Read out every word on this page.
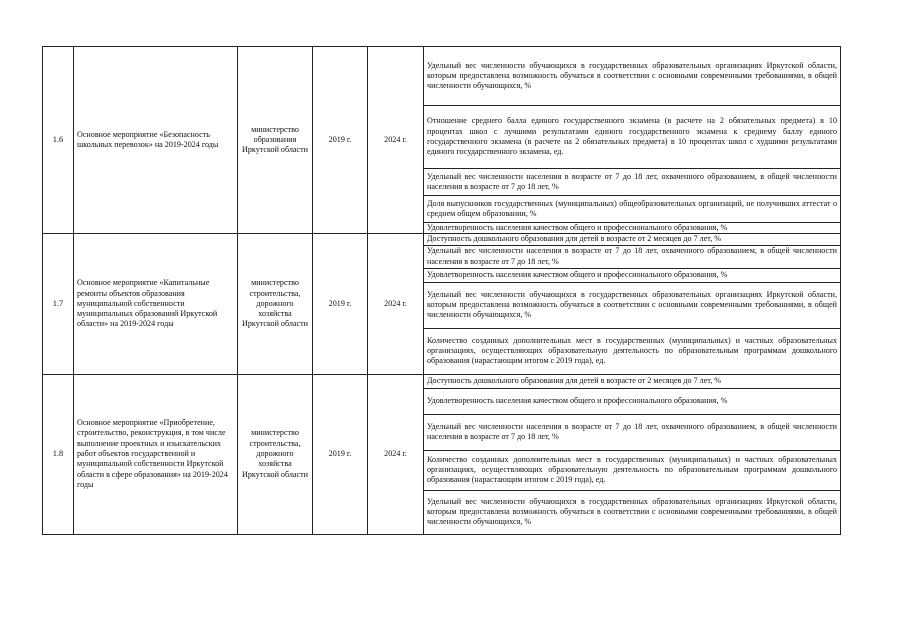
1.6	Основное мероприятие «Безопасность школьных перевозок» на 2019-2024 годы	министерство образования Иркутской области	2019 г.	2024 г.	Удельный вес численности обучающихся в государственных образовательных организациях Иркутской области, которым предоставлена возможность обучаться в соответствии с основными современными требованиями, в общей численности обучающихся, %
					Отношение среднего балла единого государственного экзамена (в расчете на 2 обязательных предмета) в 10 процентах школ с лучшими результатами единого государственного экзамена к среднему баллу единого государственного экзамена (в расчете на 2 обязательных предмета) в 10 процентах школ с худшими результатами единого государственного экзамена, ед.
					Удельный вес численности населения в возрасте от 7 до 18 лет, охваченного образованием, в общей численности населения в возрасте от 7 до 18 лет, %
					Доля выпускников государственных (муниципальных) общеобразовательных организаций, не получивших аттестат о среднем общем образовании, %
					Удовлетворенность населения качеством общего и профессионального образования, %
1.7	Основное мероприятие «Капитальные ремонты объектов образования муниципальной собственности муниципальных образований Иркутской области» на 2019-2024 годы	министерство строительства, дорожного хозяйства Иркутской области	2019 г.	2024 г.	Доступность дошкольного образования для детей в возрасте от 2 месяцев до 7 лет, %
					Удельный вес численности населения в возрасте от 7 до 18 лет, охваченного образованием, в общей численности населения в возрасте от 7 до 18 лет, %
					Удовлетворенность населения качеством общего и профессионального образования, %
					Удельный вес численности обучающихся в государственных образовательных организациях Иркутской области, которым предоставлена возможность обучаться в соответствии с основными современными требованиями, в общей численности обучающихся, %
					Количество созданных дополнительных мест в государственных (муниципальных) и частных образовательных организациях, осуществляющих образовательную деятельность по образовательным программам дошкольного образования (нарастающим итогом с 2019 года), ед.
1.8	Основное мероприятие «Приобретение, строительство, реконструкция, в том числе выполнение проектных и изыскательских работ объектов государственной и муниципальной собственности Иркутской области в сфере образования» на 2019-2024 годы	министерство строительства, дорожного хозяйства Иркутской области	2019 г.	2024 г.	Доступность дошкольного образования для детей в возрасте от 2 месяцев до 7 лет, %
					Удовлетворенность населения качеством общего и профессионального образования, %
					Удельный вес численности населения в возрасте от 7 до 18 лет, охваченного образованием, в общей численности населения в возрасте от 7 до 18 лет, %
					Количество созданных дополнительных мест в государственных (муниципальных) и частных образовательных организациях, осуществляющих образовательную деятельность по образовательным программам дошкольного образования (нарастающим итогом с 2019 года), ед.
					Удельный вес численности обучающихся в государственных образовательных организациях Иркутской области, которым предоставлена возможность обучаться в соответствии с основными современными требованиями, в общей численности обучающихся, %
